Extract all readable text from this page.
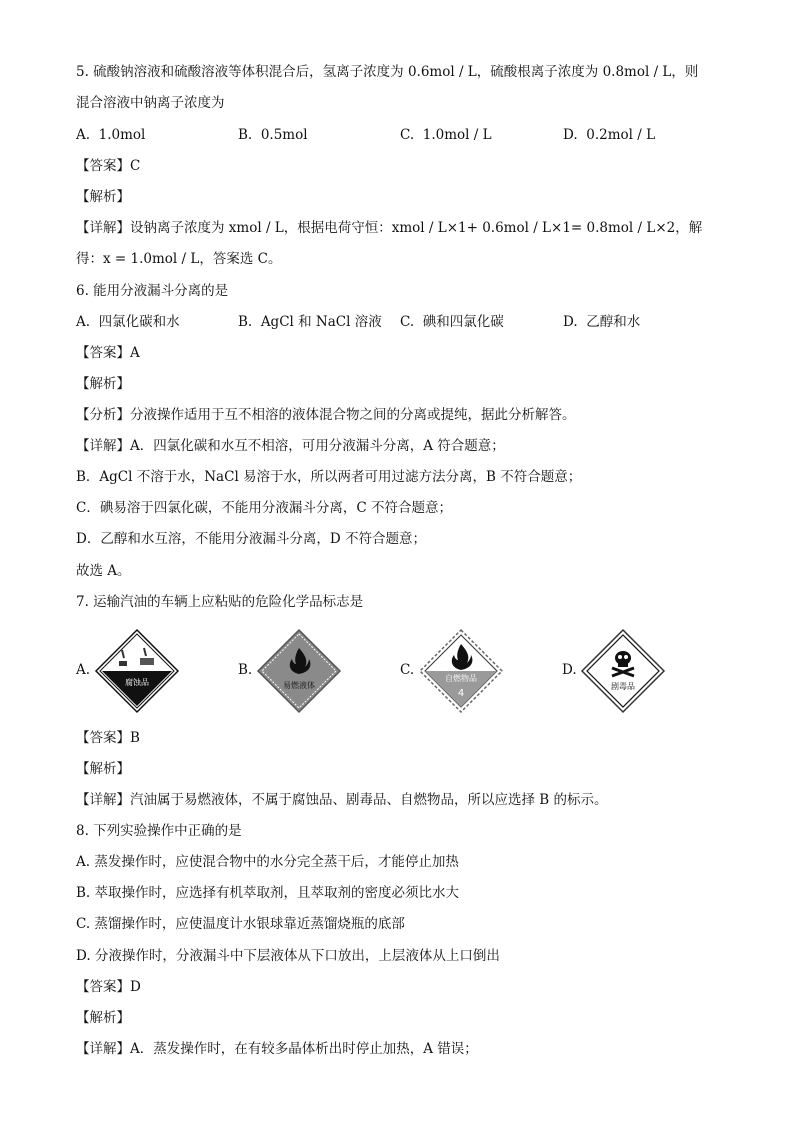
5. 硫酸钠溶液和硫酸溶液等体积混合后，氢离子浓度为 0.6mol / L，硫酸根离子浓度为 0.8mol / L，则
混合溶液中钠离子浓度为
A. 1.0mol	B. 0.5mol	C. 1.0mol / L	D. 0.2mol / L
【答案】C
【解析】
【详解】设钠离子浓度为 xmol / L，根据电荷守恒：xmol / L×1+ 0.6mol / L×1= 0.8mol / L×2，解
得：x = 1.0mol / L，答案选 C。
6. 能用分液漏斗分离的是
A. 四氯化碳和水	B. AgCl 和 NaCl 溶液 C. 碘和四氯化碳	D. 乙醇和水
【答案】A
【解析】
【分析】分液操作适用于互不相溶的液体混合物之间的分离或提纯，据此分析解答。
【详解】A．四氯化碳和水互不相溶，可用分液漏斗分离，A 符合题意；
B．AgCl 不溶于水，NaCl 易溶于水，所以两者可用过滤方法分离，B 不符合题意；
C．碘易溶于四氯化碳，不能用分液漏斗分离，C 不符合题意；
D．乙醇和水互溶，不能用分液漏斗分离，D 不符合题意；
故选 A。
7. 运输汽油的车辆上应粘贴的危险化学品标志是
A.
腐蚀品
B.
易燃液体
C.
自燃物品
4
D.
剧毒品
【答案】B
【解析】
【详解】汽油属于易燃液体，不属于腐蚀品、剧毒品、自燃物品，所以应选择 B 的标示。
8. 下列实验操作中正确的是
A. 蒸发操作时，应使混合物中的水分完全蒸干后，才能停止加热
B. 萃取操作时，应选择有机萃取剂，且萃取剂的密度必须比水大
C. 蒸馏操作时，应使温度计水银球靠近蒸馏烧瓶的底部
D. 分液操作时，分液漏斗中下层液体从下口放出，上层液体从上口倒出
【答案】D
【解析】
【详解】A．蒸发操作时，在有较多晶体析出时停止加热，A 错误；
